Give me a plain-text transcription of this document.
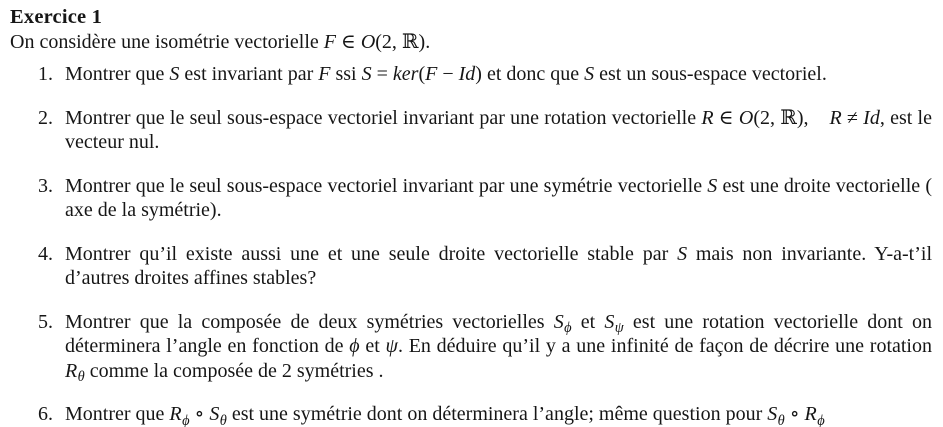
Exercice 1

On considère une isométrie vectorielle F ∈ O(2, ℝ).

1. Montrer que S est invariant par F ssi S = ker(F − Id) et donc que S est un sous-espace vectoriel.
2. Montrer que le seul sous-espace vectoriel invariant par une rotation vectorielle R ∈ O(2, ℝ), R ≠ Id, est le vecteur nul.
3. Montrer que le seul sous-espace vectoriel invariant par une symétrie vectorielle S est une droite vectorielle ( axe de la symétrie).
4. Montrer qu’il existe aussi une et une seule droite vectorielle stable par S mais non invariante. Y-a-t’il d’autres droites affines stables?
5. Montrer que la composée de deux symétries vectorielles $S_\phi$ et $S_\psi$ est une rotation vectorielle dont on déterminera l’angle en fonction de ϕ et ψ. En déduire qu’il y a une infinité de façon de décrire une rotation $R_\theta$ comme la composée de 2 symétries .
6. Montrer que $R_\phi$ ∘ $S_\theta$ est une symétrie dont on déterminera l’angle; même question pour $S_\theta$ ∘ $R_\phi$
